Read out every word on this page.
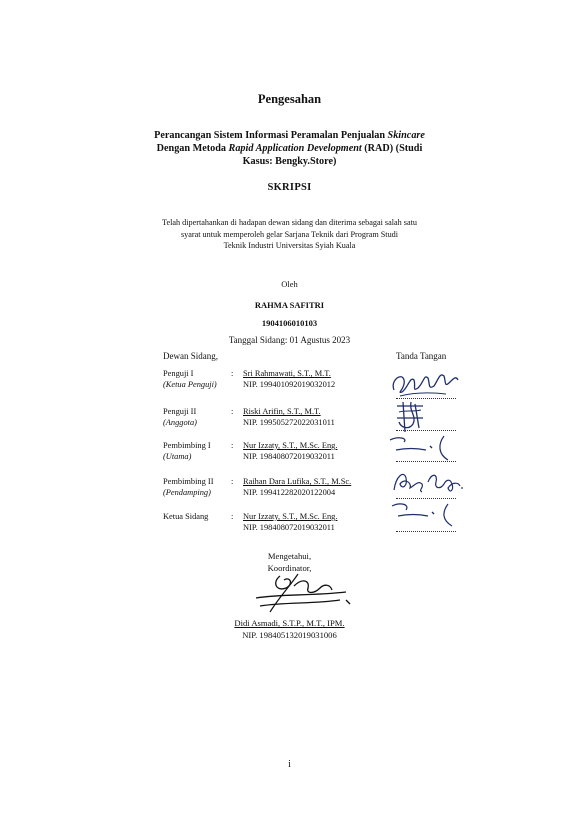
Pengesahan
Perancangan Sistem Informasi Peramalan Penjualan Skincare
Dengan Metoda Rapid Application Development (RAD) (Studi
Kasus: Bengky.Store)
SKRIPSI
Telah dipertahankan di hadapan dewan sidang dan diterima sebagai salah satu
syarat untuk memperoleh gelar Sarjana Teknik dari Program Studi
Teknik Industri Universitas Syiah Kuala
Oleh
RAHMA SAFITRI
1904106010103
Tanggal Sidang: 01 Agustus 2023
Dewan Sidang,	Tanda Tangan
Penguji I
(Ketua Penguji)
: Sri Rahmawati, S.T., M.T.
NIP. 199401092019032012
Penguji II
(Anggota)
: Riski Arifin, S.T., M.T.
NIP. 199505272022031011
Pembimbing I
(Utama)
: Nur Izzaty, S.T., M.Sc. Eng.
NIP. 198408072019032011
Pembimbing II
(Pendamping)
: Raihan Dara Lufika, S.T., M.Sc.
NIP. 199412282020122004
Ketua Sidang	: Nur Izzaty, S.T., M.Sc. Eng.
NIP. 198408072019032011
Mengetahui,
Koordinator,
Didi Asmadi, S.T.P., M.T., IPM.
NIP. 198405132019031006
i
